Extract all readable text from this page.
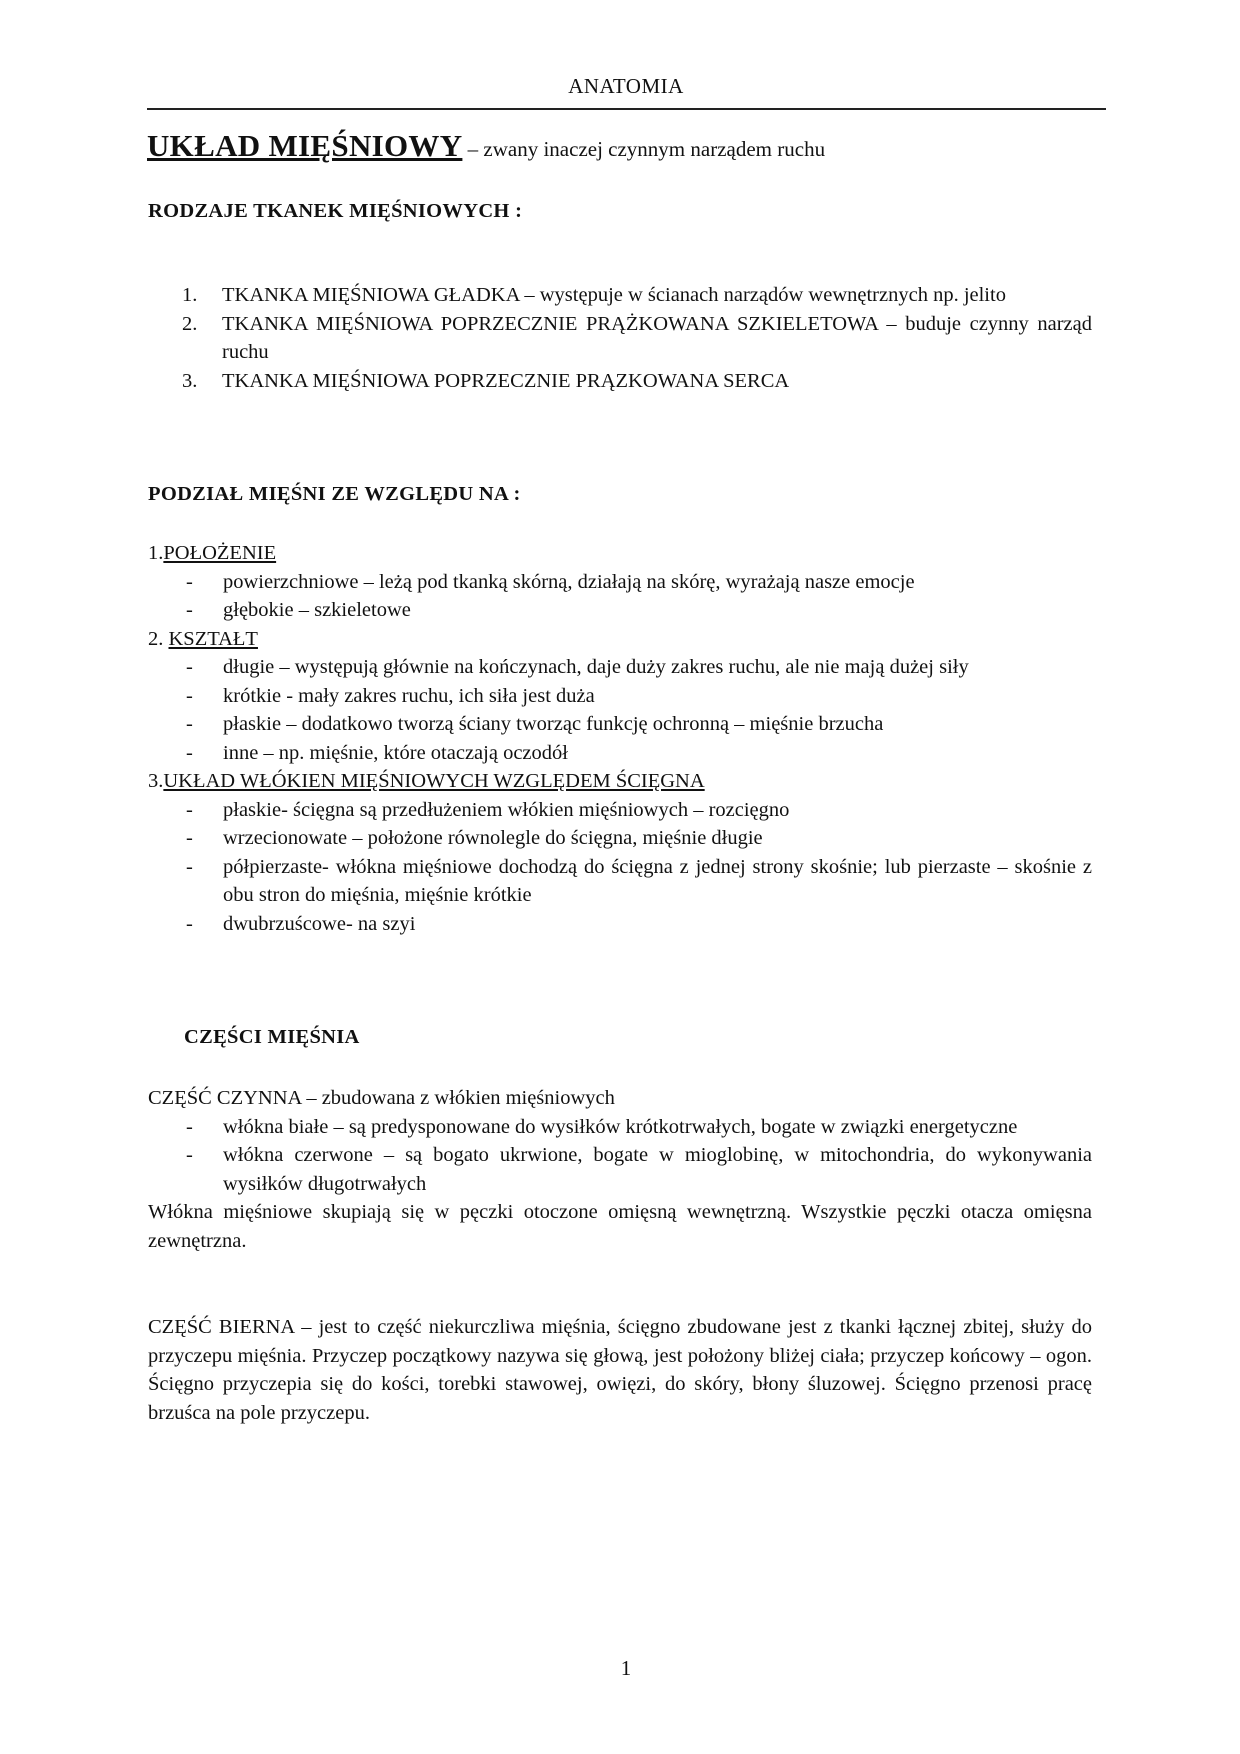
ANATOMIA
UKŁAD MIĘŚNIOWY – zwany inaczej czynnym narządem ruchu
RODZAJE TKANEK MIĘŚNIOWYCH :
1. TKANKA MIĘŚNIOWA GŁADKA – występuje w ścianach narządów wewnętrznych np. jelito
2. TKANKA MIĘŚNIOWA POPRZECZNIE PRĄŻKOWANA SZKIELETOWA – buduje czynny narząd ruchu
3. TKANKA MIĘŚNIOWA POPRZECZNIE PRĄZKOWANA SERCA
PODZIAŁ MIĘŚNI ZE WZGLĘDU NA :
1.POŁOŻENIE
- powierzchniowe – leżą pod tkanką skórną, działają na skórę, wyrażają nasze emocje
- głębokie – szkieletowe
2. KSZTAŁT
- długie – występują głównie na kończynach, daje duży zakres ruchu, ale nie mają dużej siły
- krótkie - mały zakres ruchu, ich siła jest duża
- płaskie – dodatkowo tworzą ściany tworząc funkcję ochronną – mięśnie brzucha
- inne – np. mięśnie, które otaczają oczodół
3.UKŁAD WŁÓKIEN MIĘŚNIOWYCH WZGLĘDEM ŚCIĘGNA
- płaskie- ścięgna są przedłużeniem włókien mięśniowych – rozcięgno
- wrzecionowate – położone równolegle do ścięgna, mięśnie długie
- półpierzaste- włókna mięśniowe dochodzą do ścięgna z jednej strony skośnie; lub pierzaste – skośnie z obu stron do mięśnia, mięśnie krótkie
- dwubrzuścowe- na szyi
CZĘŚCI MIĘŚNIA
CZĘŚĆ CZYNNA – zbudowana z włókien mięśniowych
- włókna białe – są predysponowane do wysiłków krótkotrwałych, bogate w związki energetyczne
- włókna czerwone – są bogato ukrwione, bogate w mioglobinę, w mitochondria, do wykonywania wysiłków długotrwałych
Włókna mięśniowe skupiają się w pęczki otoczone omięsną wewnętrzną. Wszystkie pęczki otacza omięsna zewnętrzna.
CZĘŚĆ BIERNA – jest to część niekurczliwa mięśnia, ścięgno zbudowane jest z tkanki łącznej zbitej, służy do przyczepu mięśnia. Przyczep początkowy nazywa się głową, jest położony bliżej ciała; przyczep końcowy – ogon. Ścięgno przyczepia się do kości, torebki stawowej, owięzi, do skóry, błony śluzowej. Ścięgno przenosi pracę brzuśca na pole przyczepu.
1
